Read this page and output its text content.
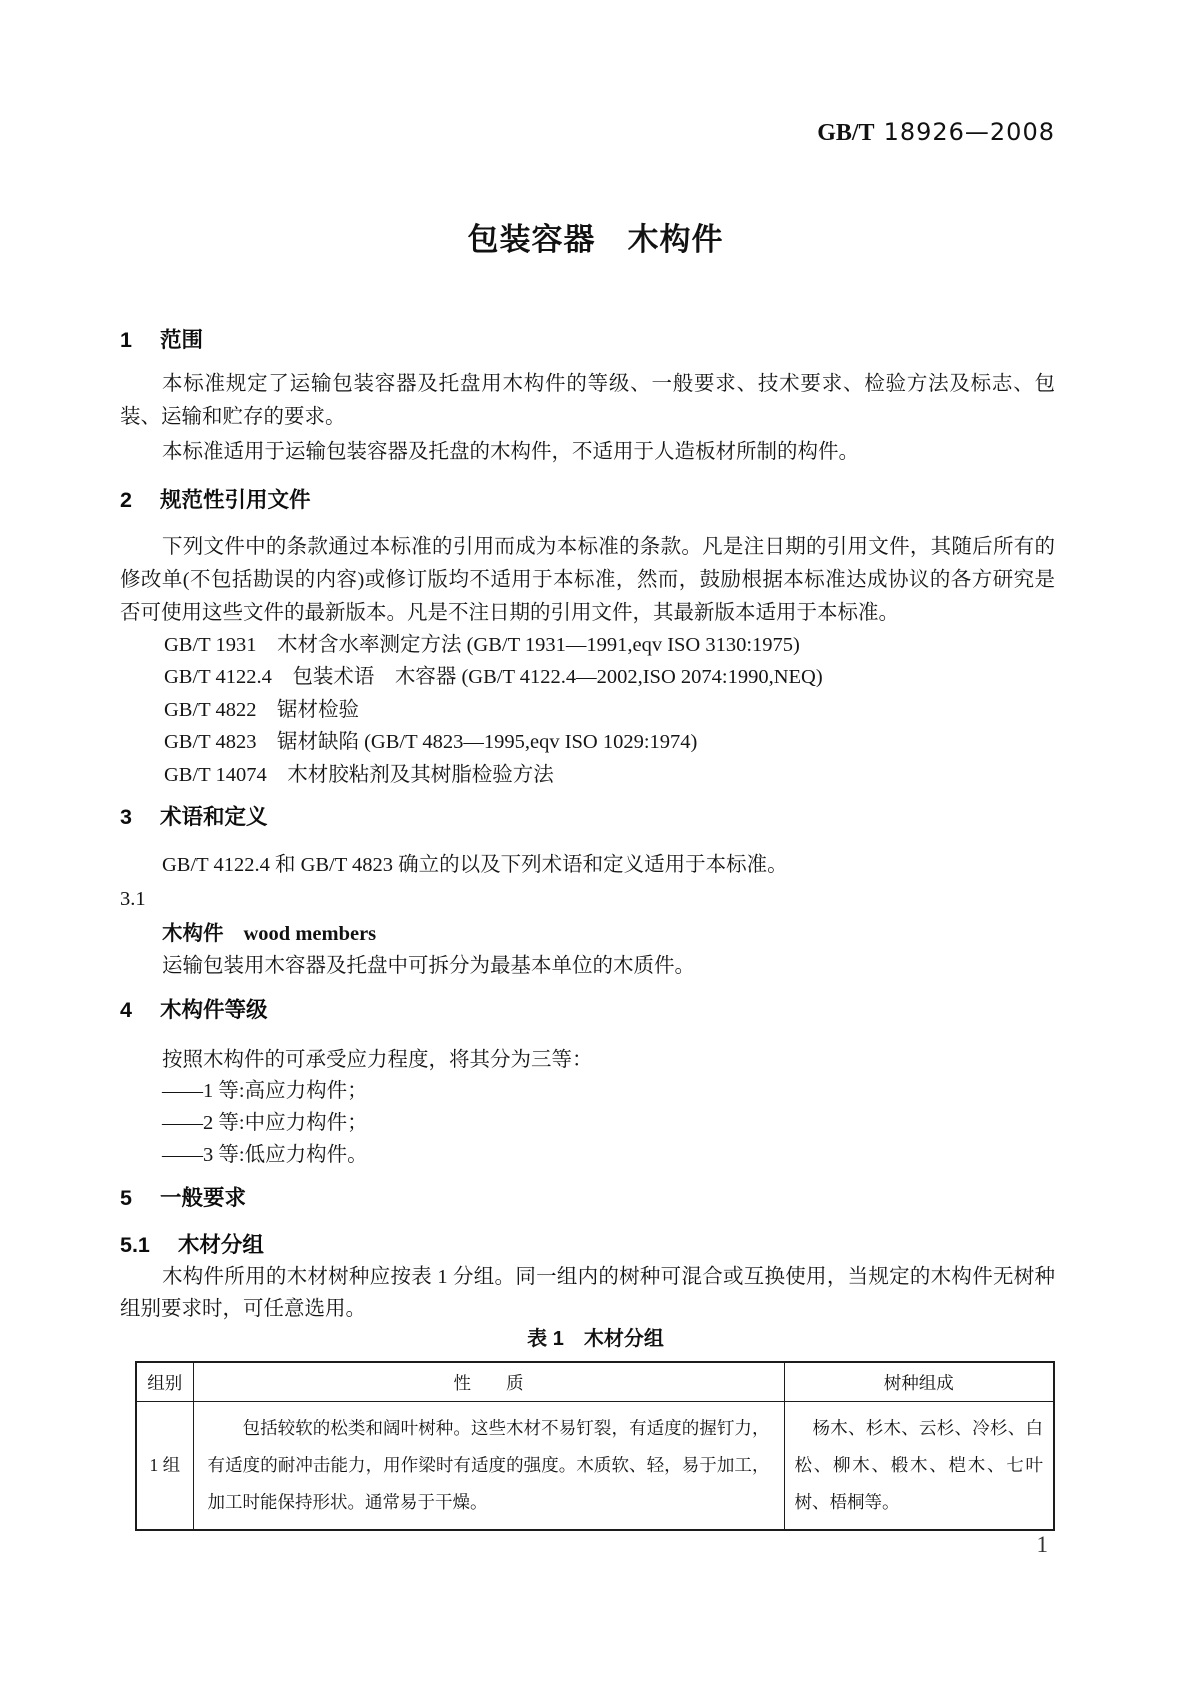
GB/T 18926—2008
包装容器　木构件
1 范围
本标准规定了运输包装容器及托盘用木构件的等级、一般要求、技术要求、检验方法及标志、包装、运输和贮存的要求。
本标准适用于运输包装容器及托盘的木构件，不适用于人造板材所制的构件。
2 规范性引用文件
下列文件中的条款通过本标准的引用而成为本标准的条款。凡是注日期的引用文件，其随后所有的修改单(不包括勘误的内容)或修订版均不适用于本标准，然而，鼓励根据本标准达成协议的各方研究是否可使用这些文件的最新版本。凡是不注日期的引用文件，其最新版本适用于本标准。
GB/T 1931　木材含水率测定方法 (GB/T 1931—1991,eqv ISO 3130:1975)
GB/T 4122.4　包装术语　木容器 (GB/T 4122.4—2002,ISO 2074:1990,NEQ)
GB/T 4822　锯材检验
GB/T 4823　锯材缺陷 (GB/T 4823—1995,eqv ISO 1029:1974)
GB/T 14074　木材胶粘剂及其树脂检验方法
3 术语和定义
GB/T 4122.4 和 GB/T 4823 确立的以及下列术语和定义适用于本标准。
3.1
木构件 wood members
运输包装用木容器及托盘中可拆分为最基本单位的木质件。
4 木构件等级
按照木构件的可承受应力程度，将其分为三等：
——1 等:高应力构件；
——2 等:中应力构件；
——3 等:低应力构件。
5 一般要求
5.1 木材分组
木构件所用的木材树种应按表 1 分组。同一组内的树种可混合或互换使用，当规定的木构件无树种组别要求时，可任意选用。
表 1　木材分组
组别	性　　质	树种组成
1 组	包括较软的松类和阔叶树种。这些木材不易钉裂，有适度的握钉力，有适度的耐冲击能力，用作梁时有适度的强度。木质软、轻，易于加工，加工时能保持形状。通常易于干燥。	杨木、杉木、云杉、冷杉、白松、柳木、椴木、桤木、七叶树、梧桐等。
1
